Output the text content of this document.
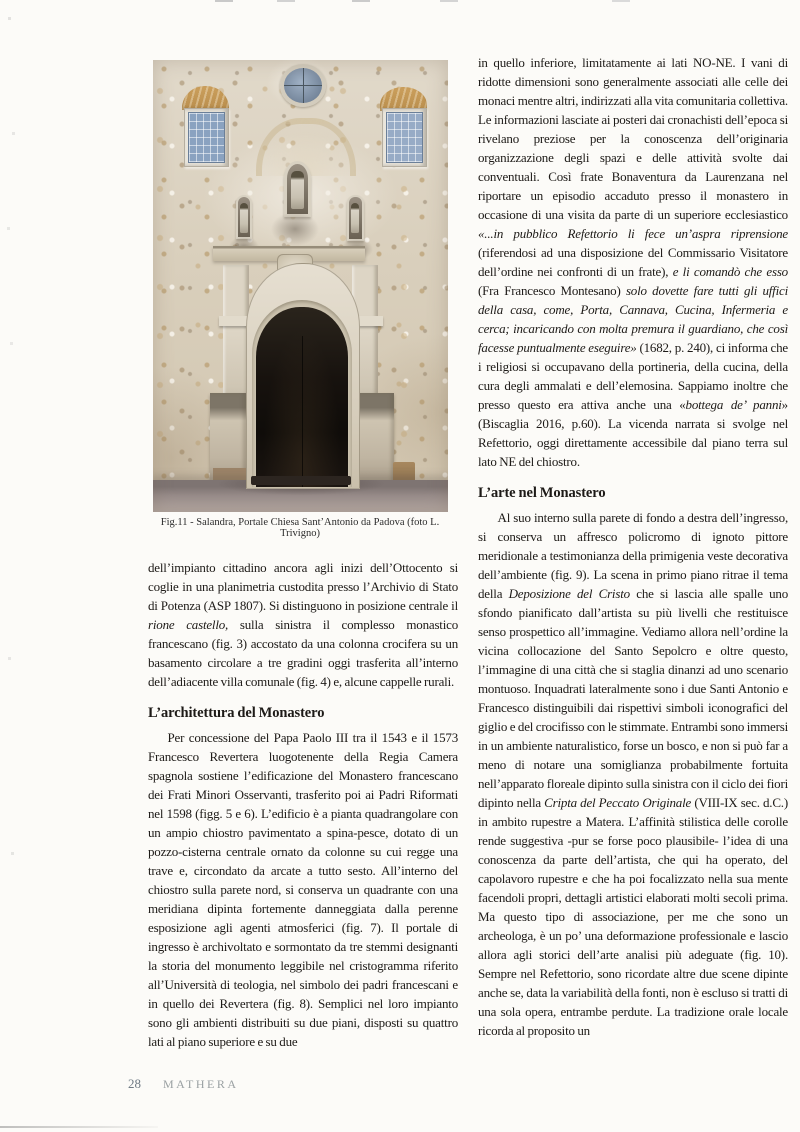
Fig.11 - Salandra, Portale Chiesa Sant’Antonio da Padova (foto L. Trivigno)

dell’impianto cittadino ancora agli inizi dell’Ottocento si coglie in una planimetria custodita presso l’Archivio di Stato di Potenza (ASP 1807). Si distinguono in posizione centrale il rione castello, sulla sinistra il complesso monastico francescano (fig. 3) accostato da una colonna crocifera su un basamento circolare a tre gradini oggi trasferita all’interno dell’adiacente villa comunale (fig. 4) e, alcune cappelle rurali.

L’architettura del Monastero

Per concessione del Papa Paolo III tra il 1543 e il 1573 Francesco Revertera luogotenente della Regia Camera spagnola sostiene l’edificazione del Monastero francescano dei Frati Minori Osservanti, trasferito poi ai Padri Riformati nel 1598 (figg. 5 e 6). L’edificio è a pianta quadrangolare con un ampio chiostro pavimentato a spina-pesce, dotato di un pozzo-cisterna centrale ornato da colonne su cui regge una trave e, circondato da arcate a tutto sesto. All’interno del chiostro sulla parete nord, si conserva un quadrante con una meridiana dipinta fortemente danneggiata dalla perenne esposizione agli agenti atmosferici (fig. 7). Il portale di ingresso è archivoltato e sormontato da tre stemmi designanti la storia del monumento leggibile nel cristogramma riferito all’Università di teologia, nel simbolo dei padri francescani e in quello dei Revertera (fig. 8). Semplici nel loro impianto sono gli ambienti distribuiti su due piani, disposti su quattro lati al piano superiore e su due

in quello inferiore, limitatamente ai lati NO-NE. I vani di ridotte dimensioni sono generalmente associati alle celle dei monaci mentre altri, indirizzati alla vita comunitaria collettiva. Le informazioni lasciate ai posteri dai cronachisti dell’epoca si rivelano preziose per la conoscenza dell’originaria organizzazione degli spazi e delle attività svolte dai conventuali. Così frate Bonaventura da Laurenzana nel riportare un episodio accaduto presso il monastero in occasione di una visita da parte di un superiore ecclesiastico «...in pubblico Refettorio li fece un’aspra riprensione (riferendosi ad una disposizione del Commissario Visitatore dell’ordine nei confronti di un frate), e li comandò che esso (Fra Francesco Montesano) solo dovette fare tutti gli uffici della casa, come, Porta, Cannava, Cucina, Infermeria e cerca; incaricando con molta premura il guardiano, che così facesse puntualmente eseguire» (1682, p. 240), ci informa che i religiosi si occupavano della portineria, della cucina, della cura degli ammalati e dell’elemosina. Sappiamo inoltre che presso questo era attiva anche una «bottega de’ panni» (Biscaglia 2016, p.60). La vicenda narrata si svolge nel Refettorio, oggi direttamente accessibile dal piano terra sul lato NE del chiostro.

L’arte nel Monastero

Al suo interno sulla parete di fondo a destra dell’ingresso, si conserva un affresco policromo di ignoto pittore meridionale a testimonianza della primigenia veste decorativa dell’ambiente (fig. 9). La scena in primo piano ritrae il tema della Deposizione del Cristo che si lascia alle spalle uno sfondo pianificato dall’artista su più livelli che restituisce senso prospettico all’immagine. Vediamo allora nell’ordine la vicina collocazione del Santo Sepolcro e oltre questo, l’immagine di una città che si staglia dinanzi ad uno scenario montuoso. Inquadrati lateralmente sono i due Santi Antonio e Francesco distinguibili dai rispettivi simboli iconografici del giglio e del crocifisso con le stimmate. Entrambi sono immersi in un ambiente naturalistico, forse un bosco, e non si può far a meno di notare una somiglianza probabilmente fortuita nell’apparato floreale dipinto sulla sinistra con il ciclo dei fiori dipinto nella Cripta del Peccato Originale (VIII-IX sec. d.C.) in ambito rupestre a Matera. L’affinità stilistica delle corolle rende suggestiva -pur se forse poco plausibile- l’idea di una conoscenza da parte dell’artista, che qui ha operato, del capolavoro rupestre e che ha poi focalizzato nella sua mente facendoli propri, dettagli artistici elaborati molti secoli prima. Ma questo tipo di associazione, per me che sono un archeologa, è un po’ una deformazione professionale e lascio allora agli storici dell’arte analisi più adeguate (fig. 10). Sempre nel Refettorio, sono ricordate altre due scene dipinte anche se, data la variabilità della fonti, non è escluso si tratti di una sola opera, entrambe perdute. La tradizione orale locale ricorda al proposito un

28 MATHERA
